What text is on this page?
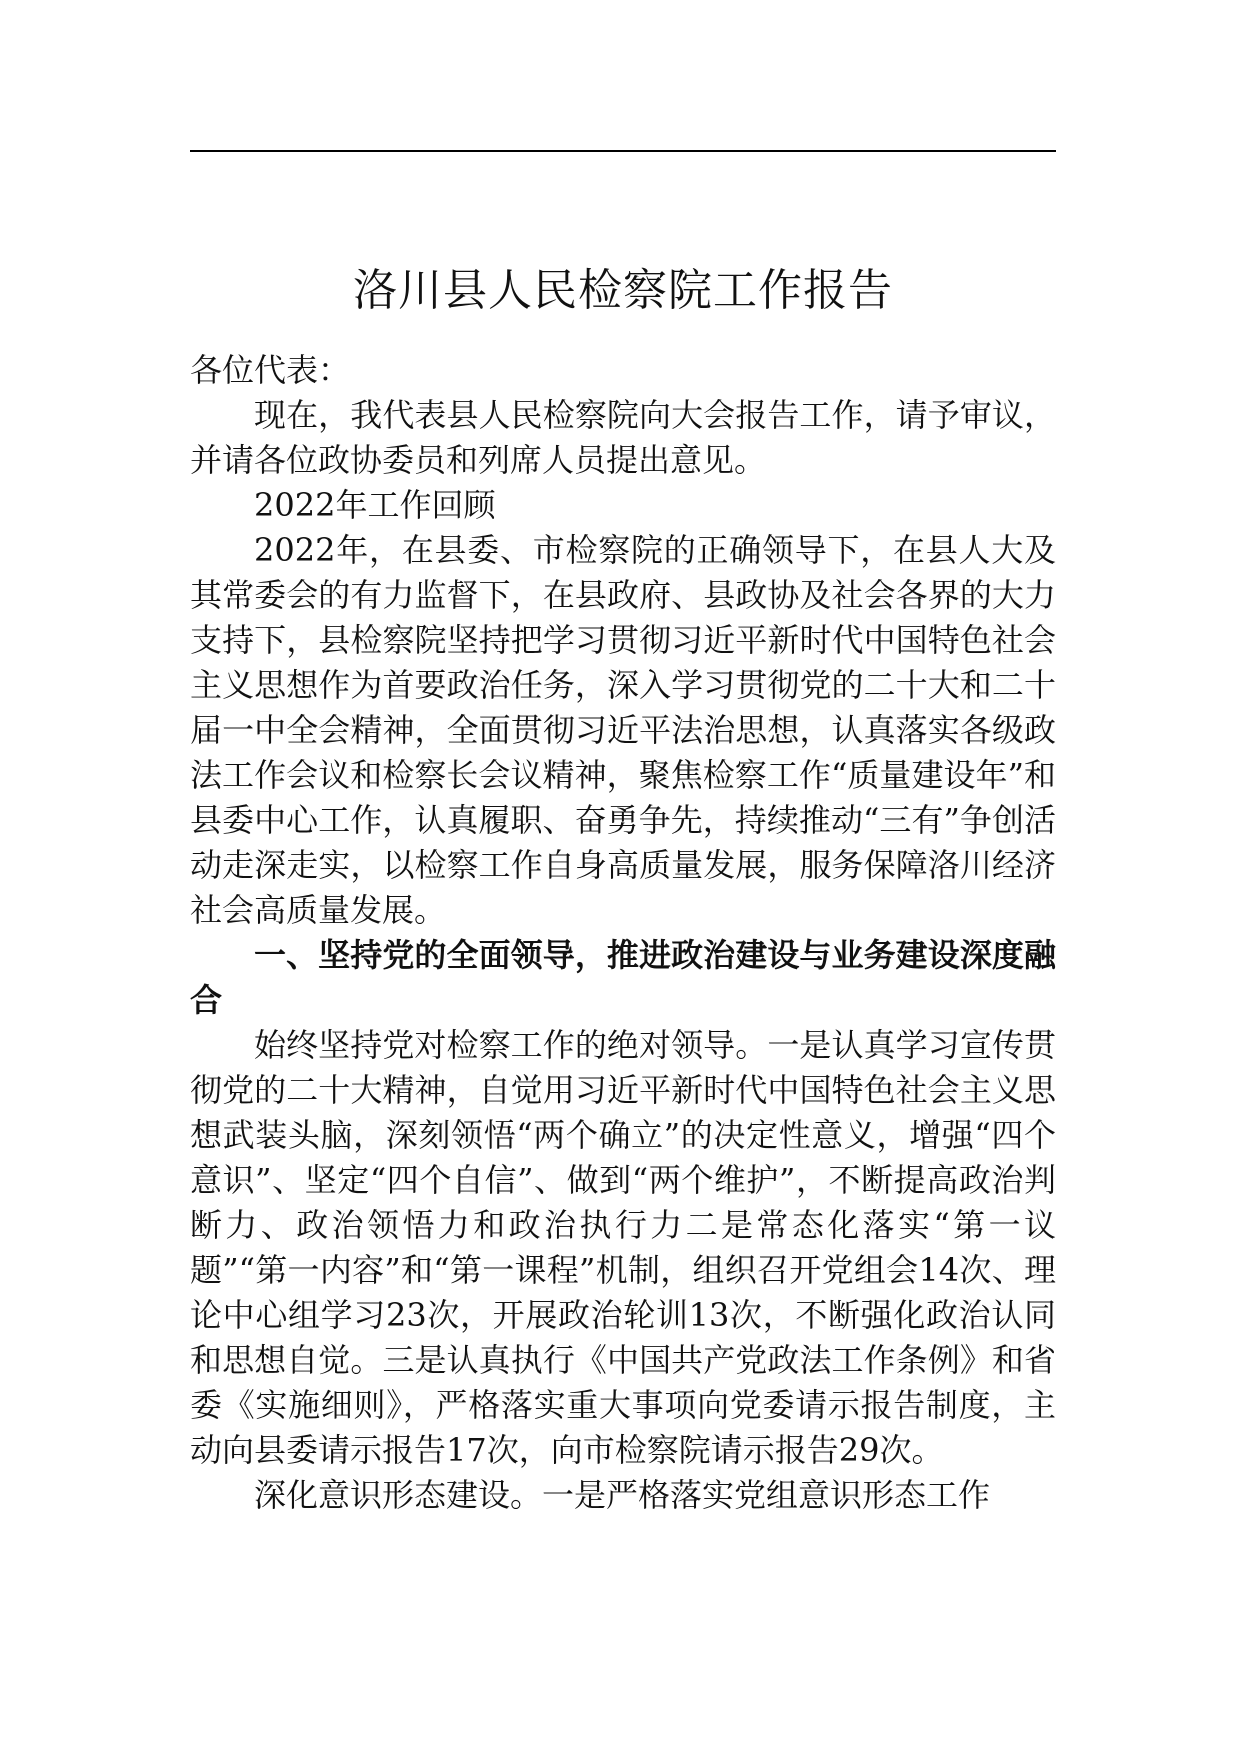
洛川县人民检察院工作报告

各位代表：

现在，我代表县人民检察院向大会报告工作，请予审议，并请各位政协委员和列席人员提出意见。

2022年工作回顾

2022年，在县委、市检察院的正确领导下，在县人大及其常委会的有力监督下，在县政府、县政协及社会各界的大力支持下，县检察院坚持把学习贯彻习近平新时代中国特色社会主义思想作为首要政治任务，深入学习贯彻党的二十大和二十届一中全会精神，全面贯彻习近平法治思想，认真落实各级政法工作会议和检察长会议精神，聚焦检察工作“质量建设年”和县委中心工作，认真履职、奋勇争先，持续推动“三有”争创活动走深走实，以检察工作自身高质量发展，服务保障洛川经济社会高质量发展。

一、坚持党的全面领导，推进政治建设与业务建设深度融合

始终坚持党对检察工作的绝对领导。一是认真学习宣传贯彻党的二十大精神，自觉用习近平新时代中国特色社会主义思想武装头脑，深刻领悟“两个确立”的决定性意义，增强“四个意识”、坚定“四个自信”、做到“两个维护”，不断提高政治判断力、政治领悟力和政治执行力二是常态化落实“第一议题”“第一内容”和“第一课程”机制，组织召开党组会14次、理论中心组学习23次，开展政治轮训13次，不断强化政治认同和思想自觉。三是认真执行《中国共产党政法工作条例》和省委《实施细则》，严格落实重大事项向党委请示报告制度，主动向县委请示报告17次，向市检察院请示报告29次。

深化意识形态建设。一是严格落实党组意识形态工作
